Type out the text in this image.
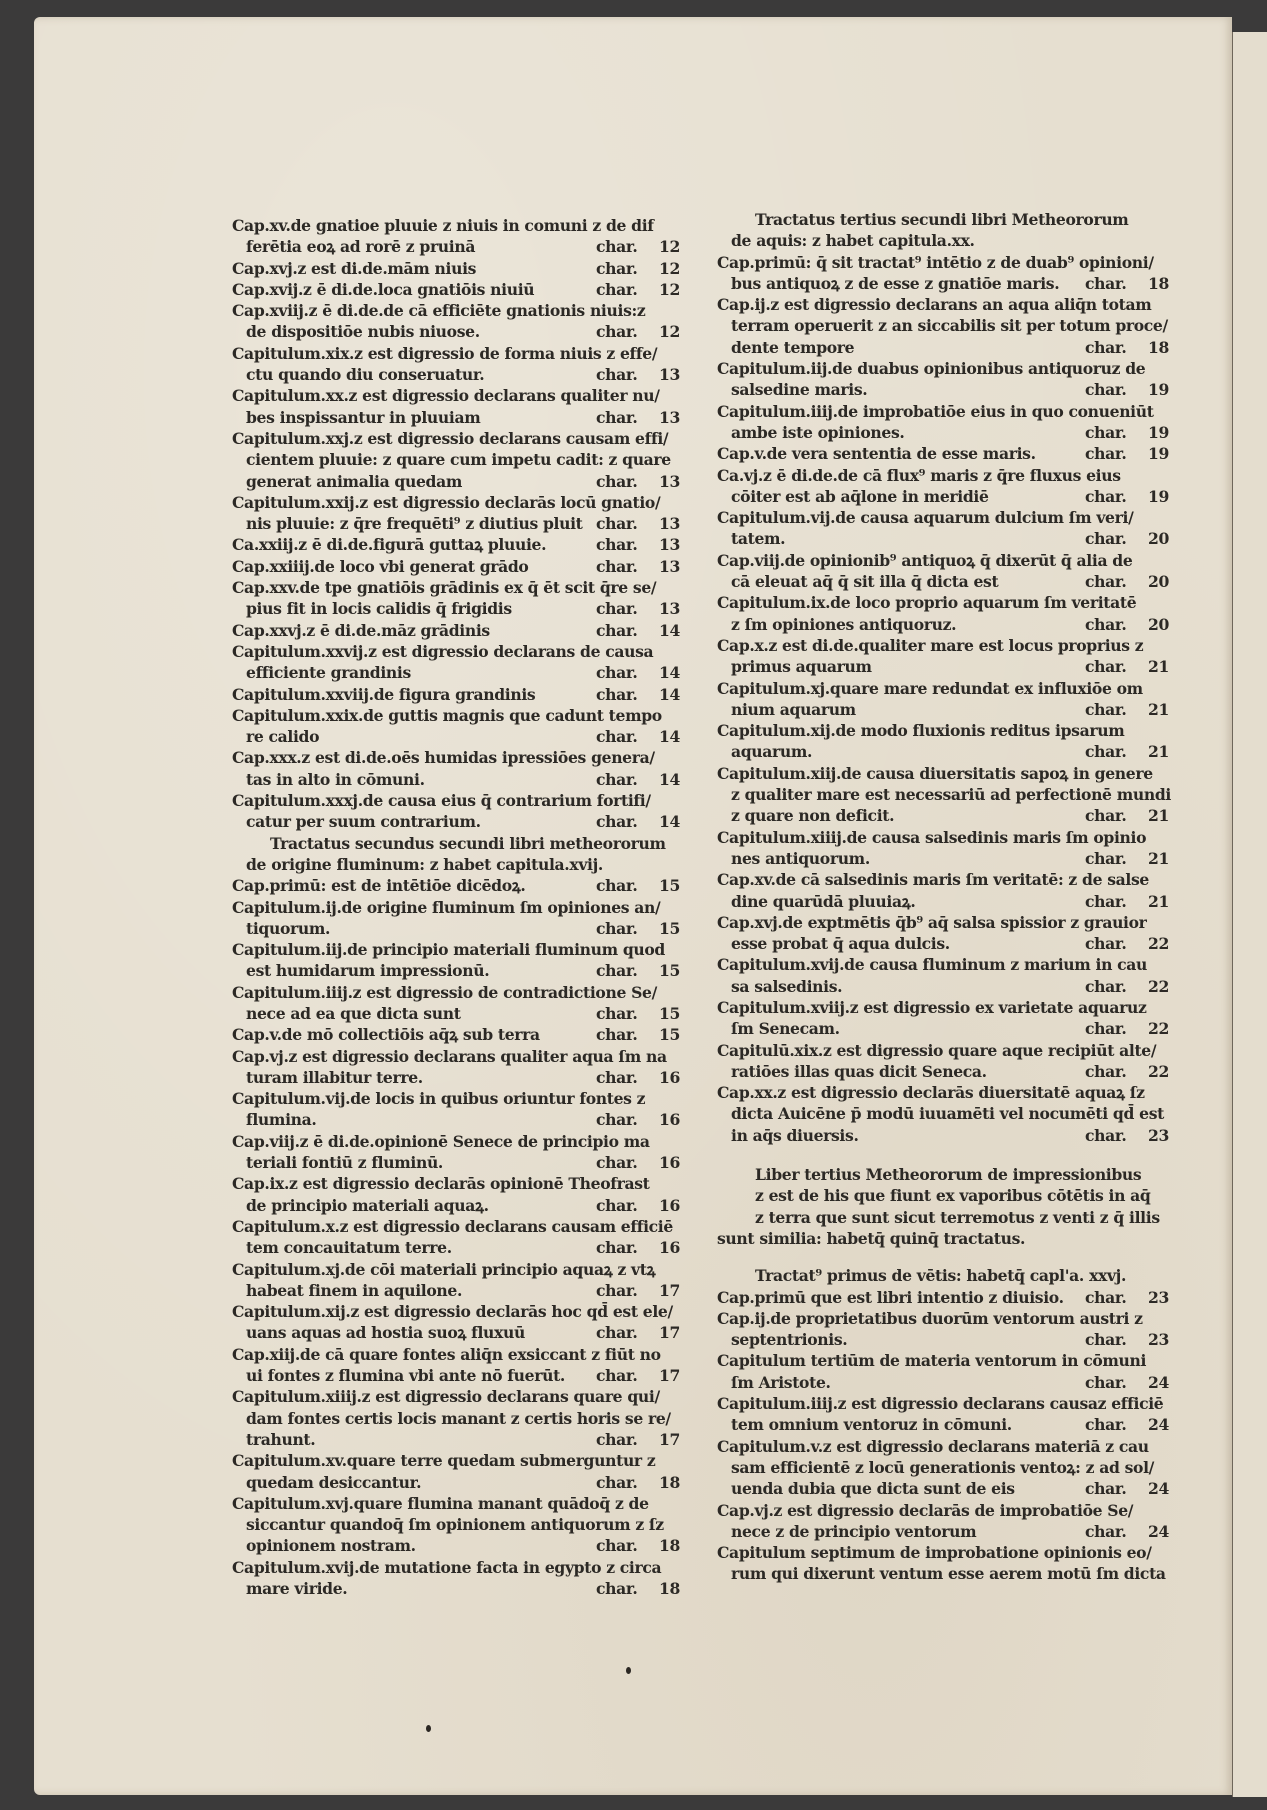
Cap.xv.de gnatioe pluuie z niuis in comuni z de dif
ferētia eoꝝ ad rorē z pruinā	char. 12
Cap.xvj.z est di.de.mām niuis	char. 12
Cap.xvij.z ē di.de.loca gnatiōis niuiū	char. 12
Cap.xviij.z ē di.de.de cā efficiēte gnationis niuis:z
de dispositiōe nubis niuose.	char. 12
Capitulum.xix.z est digressio de forma niuis z effe/
ctu quando diu conseruatur.	char. 13
Capitulum.xx.z est digressio declarans qualiter nu/
bes inspissantur in pluuiam	char. 13
Capitulum.xxj.z est digressio declarans causam effi/
cientem pluuie: z quare cum impetu cadit: z quare
generat animalia quedam	char. 13
Capitulum.xxij.z est digressio declarās locū gnatio/
nis pluuie: z q̄re frequēti⁹ z diutius pluit char. 13
Ca.xxiij.z ē di.de.figurā guttaꝝ pluuie.	char. 13
Cap.xxiiij.de loco vbi generat grādo	char. 13
Cap.xxv.de tpe gnatiōis grādinis ex q̄ ēt scit q̄re se/
pius fit in locis calidis q̄ frigidis	char. 13
Cap.xxvj.z ē di.de.māz grādinis	char. 14
Capitulum.xxvij.z est digressio declarans de causa
efficiente grandinis	char. 14
Capitulum.xxviij.de figura grandinis	char. 14
Capitulum.xxix.de guttis magnis que cadunt tempo
re calido	char. 14
Cap.xxx.z est di.de.oēs humidas ipressiōes genera/
tas in alto in cōmuni.	char. 14
Capitulum.xxxj.de causa eius q̄ contrarium fortifi/
catur per suum contrarium.	char. 14
Tractatus secundus secundi libri metheororum
de origine fluminum: z habet capitula.xvij.
Cap.primū: est de intētiōe dicēdoꝝ.	char. 15
Capitulum.ij.de origine fluminum ſm opiniones an/
tiquorum.	char. 15
Capitulum.iij.de principio materiali fluminum quod
est humidarum impressionū.	char. 15
Capitulum.iiij.z est digressio de contradictione Se/
nece ad ea que dicta sunt	char. 15
Cap.v.de mō collectiōis aq̄ꝝ sub terra	char. 15
Cap.vj.z est digressio declarans qualiter aqua ſm na
turam illabitur terre.	char. 16
Capitulum.vij.de locis in quibus oriuntur fontes z
flumina.	char. 16
Cap.viij.z ē di.de.opinionē Senece de principio ma
teriali fontiū z fluminū.	char. 16
Cap.ix.z est digressio declarās opinionē Theofrast
de principio materiali aquaꝝ.	char. 16
Capitulum.x.z est digressio declarans causam efficiē
tem concauitatum terre.	char. 16
Capitulum.xj.de cōi materiali principio aquaꝝ z vtꝝ
habeat finem in aquilone.	char. 17
Capitulum.xij.z est digressio declarās hoc qd̄ est ele/
uans aquas ad hostia suoꝝ fluxuū	char. 17
Cap.xiij.de cā quare fontes aliq̄n exsiccant z fiūt no
ui fontes z flumina vbi ante nō fuerūt. char. 17
Capitulum.xiiij.z est digressio declarans quare qui/
dam fontes certis locis manant z certis horis se re/
trahunt.	char. 17
Capitulum.xv.quare terre quedam submerguntur z
quedam desiccantur.	char. 18
Capitulum.xvj.quare flumina manant quādoq̄ z de
siccantur quandoq̄ ſm opinionem antiquorum z ſz
opinionem nostram.	char. 18
Capitulum.xvij.de mutatione facta in egypto z circa
mare viride.	char. 18
Tractatus tertius secundi libri Metheororum
de aquis: z habet capitula.xx.
Cap.primū: q̄ sit tractat⁹ intētio z de duab⁹ opinioni/
bus antiquoꝝ z de esse z gnatiōe maris. char. 18
Cap.ij.z est digressio declarans an aqua aliq̄n totam
terram operuerit z an siccabilis sit per totum proce/
dente tempore	char. 18
Capitulum.iij.de duabus opinionibus antiquoruz de
salsedine maris.	char. 19
Capitulum.iiij.de improbatiōe eius in quo conueniūt
ambe iste opiniones.	char. 19
Cap.v.de vera sententia de esse maris.	char. 19
Ca.vj.z ē di.de.de cā flux⁹ maris z q̄re fluxus eius
cōiter est ab aq̄lone in meridiē	char. 19
Capitulum.vij.de causa aquarum dulcium ſm veri/
tatem.	char. 20
Cap.viij.de opinionib⁹ antiquoꝝ q̄ dixerūt q̄ alia de
cā eleuat aq̄ q̄ sit illa q̄ dicta est	char. 20
Capitulum.ix.de loco proprio aquarum ſm veritatē
z ſm opiniones antiquoruz.	char. 20
Cap.x.z est di.de.qualiter mare est locus proprius z
primus aquarum	char. 21
Capitulum.xj.quare mare redundat ex influxiōe om
nium aquarum	char. 21
Capitulum.xij.de modo fluxionis reditus ipsarum
aquarum.	char. 21
Capitulum.xiij.de causa diuersitatis sapoꝝ in genere
z qualiter mare est necessariū ad perfectionē mundi
z quare non deficit.	char. 21
Capitulum.xiiij.de causa salsedinis maris ſm opinio
nes antiquorum.	char. 21
Cap.xv.de cā salsedinis maris ſm veritatē: z de salse
dine quarūdā pluuiaꝝ.	char. 21
Cap.xvj.de exptmētis q̄b⁹ aq̄ salsa spissior z grauior
esse probat q̄ aqua dulcis.	char. 22
Capitulum.xvij.de causa fluminum z marium in cau
sa salsedinis.	char. 22
Capitulum.xviij.z est digressio ex varietate aquaruz
ſm Senecam.	char. 22
Capitulū.xix.z est digressio quare aque recipiūt alte/
ratiōes illas quas dicit Seneca.	char. 22
Cap.xx.z est digressio declarās diuersitatē aquaꝝ ſz
dicta Auicēne p̄ modū iuuamēti vel nocumēti qd̄ est
in aq̄s diuersis.	char. 23
Liber tertius Metheororum de impressionibus
z est de his que fiunt ex vaporibus cōtētis in aq̄
z terra que sunt sicut terremotus z venti z q̄ illis
sunt similia: habetq̄ quinq̄ tractatus.
Tractat⁹ primus de vētis: habetq̄ capl'a. xxvj.
Cap.primū que est libri intentio z diuisio. char. 23
Cap.ij.de proprietatibus duorūm ventorum austri z
septentrionis.	char. 23
Capitulum tertiūm de materia ventorum in cōmuni
ſm Aristote.	char. 24
Capitulum.iiij.z est digressio declarans causaz efficiē
tem omnium ventoruz in cōmuni.	char. 24
Capitulum.v.z est digressio declarans materiā z cau
sam efficientē z locū generationis ventoꝝ: z ad sol/
uenda dubia que dicta sunt de eis	char. 24
Cap.vj.z est digressio declarās de improbatiōe Se/
nece z de principio ventorum	char. 24
Capitulum septimum de improbatione opinionis eo/
rum qui dixerunt ventum esse aerem motū ſm dicta
